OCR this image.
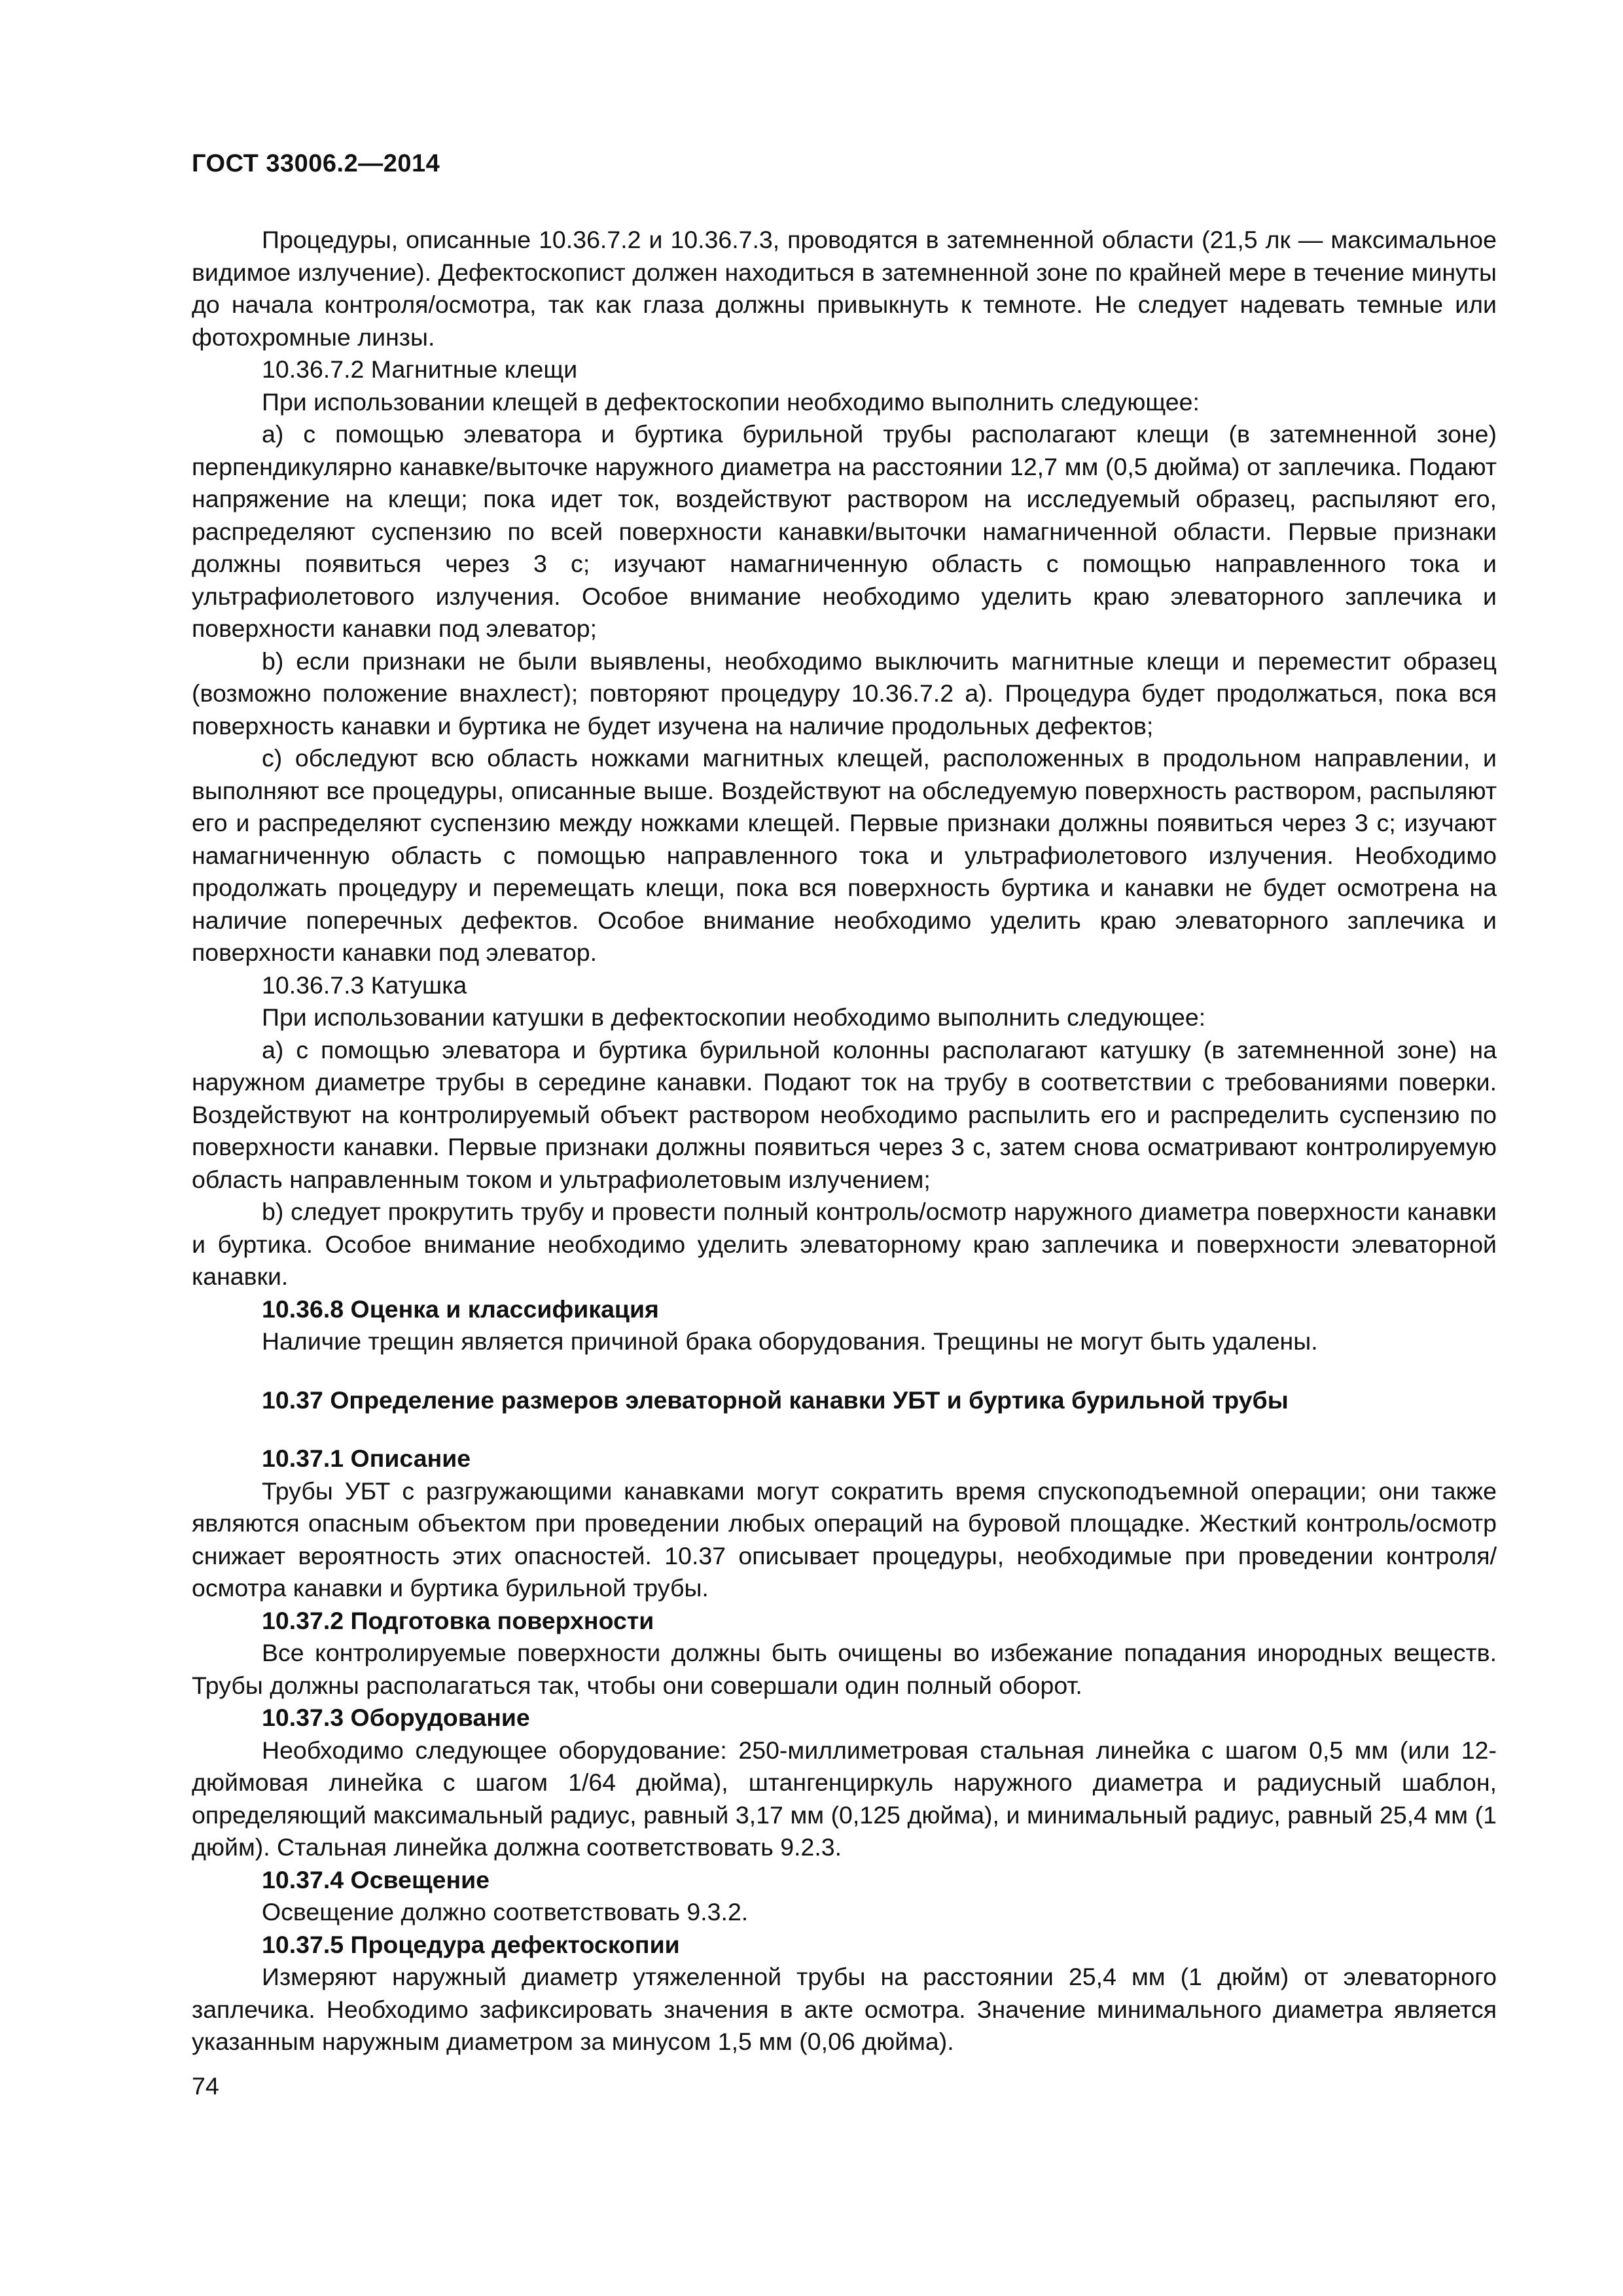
ГОСТ 33006.2—2014

Процедуры, описанные 10.36.7.2 и 10.36.7.3, проводятся в затемненной области (21,5 лк — максимальное видимое излучение). Дефектоскопист должен находиться в затемненной зоне по крайней мере в течение минуты до начала контроля/осмотра, так как глаза должны привыкнуть к темноте. Не следует надевать темные или фотохромные линзы.

10.36.7.2 Магнитные клещи

При использовании клещей в дефектоскопии необходимо выполнить следующее:

a) с помощью элеватора и буртика бурильной трубы располагают клещи (в затемненной зоне) перпендикулярно канавке/выточке наружного диаметра на расстоянии 12,7 мм (0,5 дюйма) от заплечика. Подают напряжение на клещи; пока идет ток, воздействуют раствором на исследуемый образец, распыляют его, распределяют суспензию по всей поверхности канавки/выточки намагниченной области. Первые признаки должны появиться через 3 с; изучают намагниченную область с помощью направленного тока и ультрафиолетового излучения. Особое внимание необходимо уделить краю элеваторного заплечика и поверхности канавки под элеватор;

b) если признаки не были выявлены, необходимо выключить магнитные клещи и переместит образец (возможно положение внахлест); повторяют процедуру 10.36.7.2 a). Процедура будет продолжаться, пока вся поверхность канавки и буртика не будет изучена на наличие продольных дефектов;

c) обследуют всю область ножками магнитных клещей, расположенных в продольном направлении, и выполняют все процедуры, описанные выше. Воздействуют на обследуемую поверхность раствором, распыляют его и распределяют суспензию между ножками клещей. Первые признаки должны появиться через 3 с; изучают намагниченную область с помощью направленного тока и ультрафиолетового излучения. Необходимо продолжать процедуру и перемещать клещи, пока вся поверхность буртика и канавки не будет осмотрена на наличие поперечных дефектов. Особое внимание необходимо уделить краю элеваторного заплечика и поверхности канавки под элеватор.

10.36.7.3 Катушка

При использовании катушки в дефектоскопии необходимо выполнить следующее:

a) с помощью элеватора и буртика бурильной колонны располагают катушку (в затемненной зоне) на наружном диаметре трубы в середине канавки. Подают ток на трубу в соответствии с требованиями поверки. Воздействуют на контролируемый объект раствором необходимо распылить его и распределить суспензию по поверхности канавки. Первые признаки должны появиться через 3 с, затем снова осматривают контролируемую область направленным током и ультрафиолетовым излучением;

b) следует прокрутить трубу и провести полный контроль/осмотр наружного диаметра поверхности канавки и буртика. Особое внимание необходимо уделить элеваторному краю заплечика и поверхности элеваторной канавки.

10.36.8 Оценка и классификация

Наличие трещин является причиной брака оборудования. Трещины не могут быть удалены.

10.37 Определение размеров элеваторной канавки УБТ и буртика бурильной трубы

10.37.1 Описание

Трубы УБТ с разгружающими канавками могут сократить время спускоподъемной операции; они также являются опасным объектом при проведении любых операций на буровой площадке. Жесткий контроль/осмотр снижает вероятность этих опасностей. 10.37 описывает процедуры, необходимые при проведении контроля/осмотра канавки и буртика бурильной трубы.

10.37.2 Подготовка поверхности

Все контролируемые поверхности должны быть очищены во избежание попадания инородных веществ. Трубы должны располагаться так, чтобы они совершали один полный оборот.

10.37.3 Оборудование

Необходимо следующее оборудование: 250-миллиметровая стальная линейка с шагом 0,5 мм (или 12-дюймовая линейка с шагом 1/64 дюйма), штангенциркуль наружного диаметра и радиусный шаблон, определяющий максимальный радиус, равный 3,17 мм (0,125 дюйма), и минимальный радиус, равный 25,4 мм (1 дюйм). Стальная линейка должна соответствовать 9.2.3.

10.37.4 Освещение

Освещение должно соответствовать 9.3.2.

10.37.5 Процедура дефектоскопии

Измеряют наружный диаметр утяжеленной трубы на расстоянии 25,4 мм (1 дюйм) от элеваторного заплечика. Необходимо зафиксировать значения в акте осмотра. Значение минимального диаметра является указанным наружным диаметром за минусом 1,5 мм (0,06 дюйма).

74
